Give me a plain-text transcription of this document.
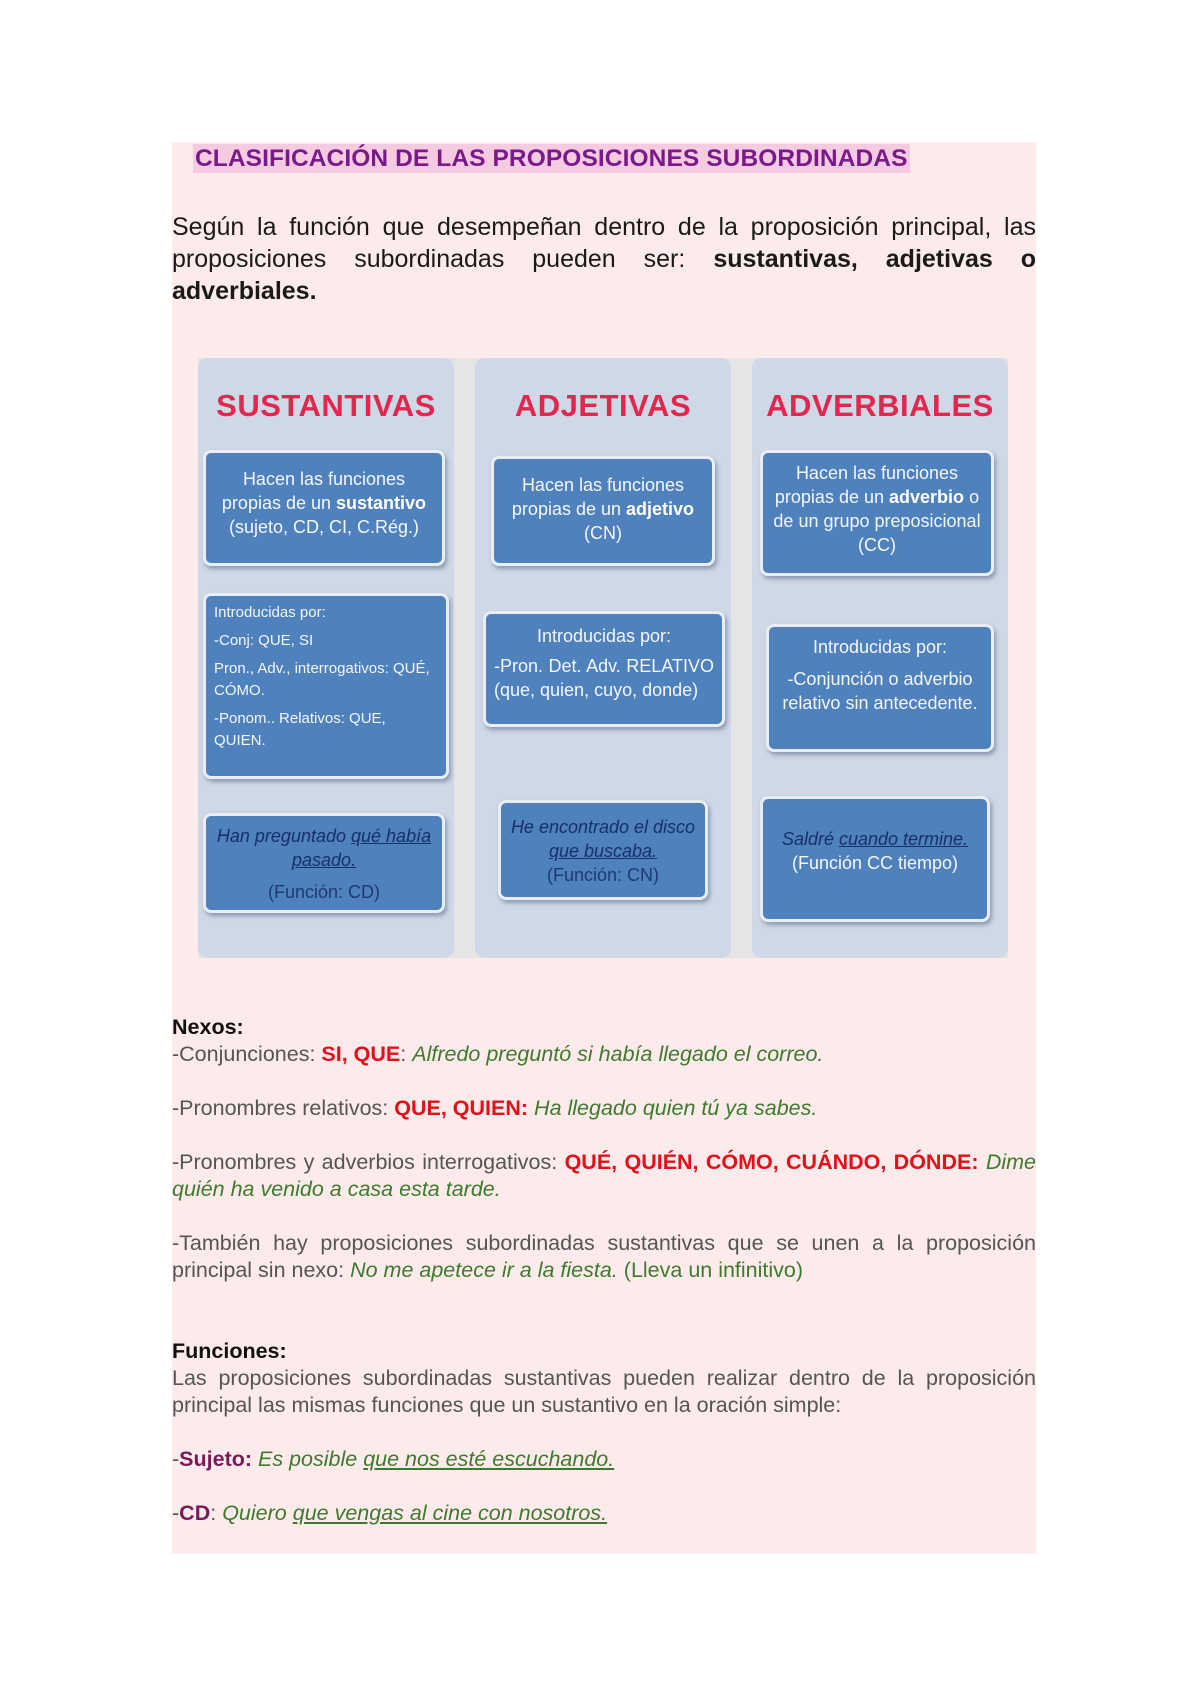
CLASIFICACIÓN DE LAS PROPOSICIONES SUBORDINADAS
Según la función que desempeñan dentro de la proposición principal, las proposiciones subordinadas pueden ser: sustantivas, adjetivas o adverbiales.
SUSTANTIVAS
Hacen las funciones propias de un sustantivo (sujeto, CD, CI, C.Rég.)
Introducidas por:
-Conj: QUE, SI
Pron., Adv., interrogativos: QUÉ, CÓMO.
-Ponom.. Relativos: QUE, QUIEN.
Han preguntado qué había pasado.
(Función: CD)
ADJETIVAS
Hacen las funciones propias de un adjetivo (CN)
Introducidas por:
-Pron. Det. Adv. RELATIVO (que, quien, cuyo, donde)
He encontrado el disco que buscaba.
(Función: CN)
ADVERBIALES
Hacen las funciones propias de un adverbio o de un grupo preposicional (CC)
Introducidas por:
-Conjunción o adverbio relativo sin antecedente.
Saldré cuando termine.
(Función CC tiempo)
Nexos:

-Conjunciones: SI, QUE: Alfredo preguntó si había llegado el correo.

-Pronombres relativos: QUE, QUIEN: Ha llegado quien tú ya sabes.

-Pronombres y adverbios interrogativos: QUÉ, QUIÉN, CÓMO, CUÁNDO, DÓNDE: Dime quién ha venido a casa esta tarde.

-También hay proposiciones subordinadas sustantivas que se unen a la proposición principal sin nexo: No me apetece ir a la fiesta. (Lleva un infinitivo)

Funciones:

Las proposiciones subordinadas sustantivas pueden realizar dentro de la proposición principal las mismas funciones que un sustantivo en la oración simple:

-Sujeto: Es posible que nos esté escuchando.

-CD: Quiero que vengas al cine con nosotros.
